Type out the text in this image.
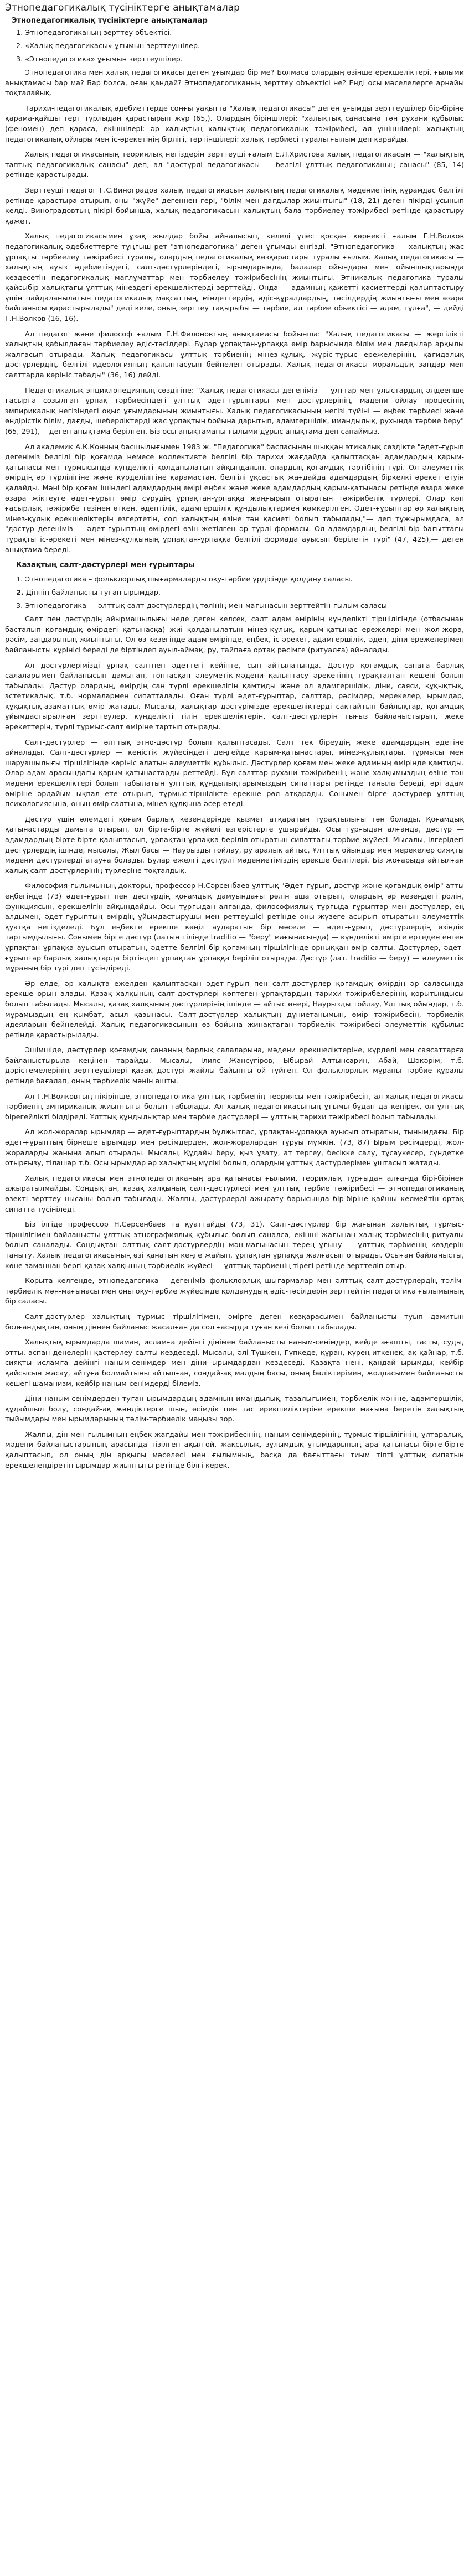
Этнопедагогикалық түсініктерге анықтамалар
Этнопедагогикалық түсініктерге анықтамалар
1. Этнопедагогиканың зерттеу объектісі.
2. «Халық педагогикасы» ұғымын зерттеушілер.
3. «Этнопедагогика» ұғымын зерттеушілер.

Этнопедагогика мен халық педагогикасы деген ұғымдар бір ме? Болмаса олардың өзінше ерекшеліктері, ғылыми анықтамасы бар ма? Бар болса, оған қандай? Этнопедагогиканың зерттеу объектісі не? Енді осы мәселелерге арнайы тоқталайық.

Тарихи-педагогикалық әдебиеттерде соңғы уақытта "Халық педагогикасы" деген ұғымды зерттеушілер бір-біріне қарама-қайшы терт түрлыдан қарастырып жүр (65,). Олардың біріншілері: "халықтық санасына тән рухани құбылыс (феномен) деп қараса, екіншілері: әр халықтың халықтық педагогикалық тәжірибесі, ал үшіншілері: халықтың педагогикалық ойлары мен іс-әрекетінің бірлігі, төртіншілері: халық тәрбиесі туралы ғылым деп қарайды.

Халық педагогикасының теориялық негіздерін зерттеуші ғалым Е.Л.Христова халық педагогикасын — "халықтың таптық педагогикалық санасы" деп, ал "дәстүрлі педагогикасы — белгілі ұлттық педагогиканың санасы" (85, 14) ретінде қарастырады.

Зерттеуші педагог Г.С.Виноградов халық педагогикасын халықтың педагогикалық мәдениетінің құрамдас белгілі ретінде қарастыра отырып, оны "жүйе" дегеннен гері, "білім мен дағдылар жиынтығы" (18, 21) деген пікірді ұсынып келді. Виноградовтың пікірі бойынша, халық педагогикасын халықтың бала тәрбиелеу тәжірибесі ретінде қарастыру қажет.

Халық педагогикасымен ұзақ жылдар бойы айналысып, келелі үлес қосқан көрнекті ғалым Г.Н.Волков педагогикалық әдебиеттерге тұңғыш рет "этнопедагогика" деген ұғымды енгізді. "Этнопедагогика — халықтың жас ұрпақты тәрбиелеу тәжірибесі туралы, олардың педагогикалық көзқарастары туралы ғылым. Халық педагогикасы — халықтың ауыз әдебиетіндегі, салт-дәстүрлеріндегі, ырымдарында, балалар ойындары мен ойыншықтарында кездесетін педагогикалық мағлұматтар мен тәрбиелеу тәжірибесінің жиынтығы. Этникалық педагогика туралы қайсыбір халықтағы ұлттық мінездегі ерекшеліктерді зерттейді. Онда — адамның қажетті қасиеттерді қалыптастыру үшін пайдаланылатын педагогикалық мақсаттың, міндеттердің, әдіс-құралдардың, тәсілдердің жиынтығы мен өзара байланысы қарастырылады" деді келе, оның зерттеу тақырыбы — тәрбие, ал тәрбие обьектісі — адам, тұлға", — дейді Г.Н.Волков (16, 16).

Ал педагог және философ ғалым Г.Н.Филоновтың анықтамасы бойынша: "Халық педагогикасы — жергілікті халықтың қабылдаған тәрбиелеу әдіс-тәсілдері. Бұлар ұрпақтан-ұрпаққа өмір барысында білім мен дағдылар арқылы жалғасып отырады. Халық педагогикасы ұлттық тәрбиенің мінез-құлық, жүріс-тұрыс ережелерінің, қағидалық дәстүрлердің, белгілі идеологияның қалыптасуын бейнелеп отырады. Халық педагогикасы моральдық заңдар мен салттарда көрініс табады" (36, 16) дейді.

Педагогикалық энциклопедияның сөздігіне: "Халық педагогикасы дегеніміз — ұлттар мен ұлыстардың әлдеенше ғасырға созылған ұрпақ тәрбиесіндегі ұлттық әдет-ғұрыптары мен дәстүрлерінің, мадени ойлау процесінің эмпирикалық негізіндегі оқыс ұғымдарының жиынтығы. Халық педагогикасының негізі түйіні — еңбек тәрбиесі және өндірістік білім, дағды, шеберліктерді жас ұрпақтың бойына дарытып, адамгершілік, имандылық, рухында тәрбие беру" (65, 291),— деген анықтама берілген. Біз осы анықтаманы ғылыми дұрыс анықтама деп санаймыз.

Ал академик А.К.Конның басшылығымен 1983 ж. "Педагогика" баспасынан шыққан этикалық сөздікте "әдет-ғұрып дегеніміз белгілі бір қоғамда немесе коллективте белгілі бір тарихи жағдайда қалыптасқан адамдардың қарым-қатынасы мен тұрмысында күнделікті қолданылатын айқындалып, олардың қоғамдық тәртібінің түрі. Ол әлеуметтік өмірдің әр түрлілігіне және күрделілігіне қарамастан, белгілі ұқсастық жағдайда адамдардың біркелкі әрекет етуін қалайды. Мәні бір қоғам ішіндегі адамдардың өмірі еңбек және жеке адамдардың қарым-қатынасы ретінде өзара жеке өзара жіктеуге әдет-ғұрып өмір сүрудің ұрпақтан-ұрпаққа жаңғырып отыратын тәжірибелік түрлері. Олар көп ғасырлық тәжірибе тезінен өткен, әдептілік, адамгершілік құндылықтармен көмкерілген. Әдет-ғұрыптар әр халықтың мінез-құлық ерекшеліктерін өзгертетін, сол халықтың өзіне тән қасиеті болып табылады,"— деп тұжырымдаса, ал "дәстүр дегеніміз — әдет-ғұрыптың өмірдегі өзін жетілген әр түрлі формасы. Ол адамдардың белгілі бір бағыттағы тұрақты іс-әрекеті мен мінез-құлқының ұрпақтан-ұрпаққа белгілі формада ауысып берілетін түрі" (47, 425),— деген анықтама береді.

Казақтың салт-дәстүрлері мен ғұрыптары
1. Этнопедагогика – фольклорлық шығармаларды оқу-тәрбие үрдісінде қолдану саласы.
2. Діннің байланысты туған ырымдар.
3. Этнопедагогика — әлттық салт-дәстүрлердің төлінің мен-мағынасын зерттейтін ғылым саласы

Салт пен дәстүрдің айырмашылығы неде деген келсек, салт адам өмірінің күнделікті тіршілігінде (отбасынан басталып қоғамдық өмірдегі қатынасқа) жиі қолданылатын мінез-құлық, қарым-қатынас ережелері мен жол-жора, рәсім, заңдарының жиынтығы. Ол өз кезегінде адам өмірінде, еңбек, іс-әрекет, адамгершілік, әдеп, діни ережелерімен байланысты кұрінісі береді де біртіндеп ауыл-аймақ, ру, тайпаға ортақ рәсімге (ритуалға) айналады.

Ал дәстүрлерімізді ұрпақ салтпен әдеттегі кейіпте, сын айтылатында. Дәстүр қоғамдық санаға барлық салаларымен байланысып дамыған, топтасқан әлеуметік-мәдени қалыптасу әрекетінің тұрақталған кешені болып табылады. Дәстүр олардың, өмірдің сан түрлі ерекшелігін қамтиды және ол адамгершілік, діни, саяси, құқықтық, эстетикалық, т.б. нормалармен сипатталады. Оған түрлі әдет-ғұрыптар, салттар, рәсімдер, мерекелер, ырымдар, құқықтық-азаматтық өмір жатады. Мысалы, халықтар дәстүрімізде ерекшеліктерді сақтайтын байлықтар, қоғамдық ұйымдастырылған зерттеулер, күнделікті тілін ерекшеліктерін, салт-дәстүрлерін тығыз байланыстырып, жеке әрекеттерін, түрлі тұрмыс-салт өміріне тартып отырады.

Салт-дәстүрлер — әлттық этно-дәстүр болып қалыптасады. Салт тек біреудің жеке адамдардың әдетіне айналады. Салт-дәстүрлер — кеңістік жүйесіндегі деңгейде қарым-қатынастары, мінез-құлықтары, тұрмысы мен шаруашылығы тіршілігінде көрініс алатын әлеуметтік құбылыс. Дәстүрлер қоғам мен жеке адамның өмірінде қамтиды. Олар адам арасындағы қарым-қатынастарды реттейді. Бұл салттар рухани тәжірибенің және халқымыздың өзіне тән мәдени ерекшеліктері болып табылатын ұлттық құндылықтарымыздың сипаттары ретінде таныла береді, әрі адам өміріне әрдайым ықпал ете отырып, тұрмыс-тіршілікте ерекше рөл атқарады. Сонымен бірге дәстүрлер ұлттың психологиясына, оның өмір салтына, мінез-құлқына әсер етеді.

Дәстүр үшін әлемдегі қоғам барлық кезендерінде қызмет атқаратын тұрақтылығы тән болады. Қоғамдық қатынастарды дамыта отырып, ол бірте-бірте жүйелі өзгерістерге ұшырайды. Осы тұрғыдан алғанда, дәстүр — адамдардың бірте-бірте қалыптасып, ұрпақтан-ұрпаққа беріліп отыратын сипаттағы тәрбие жүйесі. Мысалы, ілгерідегі дәстүрлердің ішінде, мысалы, Жыл басы — Наурызды тойлау, ру аралық айтыс, Ұлттық ойындар мен мерекелер сияқты мәдени дәстүрлерді атауға болады. Бұлар ежелгі дәстүрлі мәдениетіміздің ерекше белгілері. Біз жоғарыда айтылған халық салт-дәстүрлерінің түрлеріне тоқталдық.

Философия ғылымының докторы, профессор Н.Сәрсенбаев ұлттық "Әдет-ғұрып, дәстүр және қоғамдық өмір" атты еңбегінде (73) әдет-ғұрып пен дәстүрдің қоғамдық дамуындағы рөлін аша отырып, олардың әр кезеңдегі ролін, функциясын, ерекшелігін айқындайды. Осы тұрғыдан алғанда, философиялық тұрғыда ғұрыптар мен дәстүрлер, ең алдымен, әдет-ғұрыптың өмірдің ұйымдастырушы мен реттеушісі ретінде оны жүзеге асырып отыратын әлеуметтік қуатқа негізделеді. Бұл еңбекте ерекше көңіл аударатын бір мәселе — әдет-ғұрып, дәстүрлердің өзіндік тартымдылығы. Сонымен бірге дәстүр (латын тілінде traditio — "беру" мағынасында) — күнделікті өмірге ертеден енген ұрпақтан ұрпаққа ауысып отыратын, әдетте белгілі бір қоғамның тіршілігінде орныққан өмір салты. Дәстүрлер, әдет-ғұрыптар барлық халықтарда біртіндеп ұрпақтан ұрпаққа беріліп отырады. Дәстүр (лат. traditio — беру) — әлеуметтік мұраның бір түрі деп түсіндіреді.

Әр елде, әр халықта ежелден қалыптасқан әдет-ғұрып пен салт-дәстүрлер қоғамдық өмірдің әр саласында ерекше орын алады. Қазақ халқының салт-дәстүрлері көптеген ұрпақтардың тарихи тәжірибелерінің қорытындысы болып табылады. Мысалы, қазақ халқының дәстүрлерінің ішінде — айтыс өнері, Наурызды тойлау, Ұлттық ойындар, т.б. мұрамыздың ең қымбат, асыл қазынасы. Салт-дәстүрлер халықтың дүниетанымын, өмір тәжірибесін, тәрбиелік идеяларын бейнелейді. Халық педагогикасының өз бойына жинақтаған тәрбиелік тәжірибесі әлеуметтік құбылыс ретінде қарастырылады.

Эшімшіде, дәстүрлер қоғамдық сананың барлық салаларына, мәдени ерекшеліктеріне, күрделі мен саясаттарға байланыстырыла кеңінен тарайды. Мысалы, Ілияс Жансүгіров, Ыбырай Алтынсарин, Абай, Шәкәрім, т.б. дәрістемелерінің зерттеушілері қазақ дәстүрі жайлы байыпты ой түйген. Ол фольклорлық мұраны тәрбие құралы ретінде бағалап, оның тәрбиелік мәнін ашты.

Ал Г.Н.Волковтың пікірінше, этнопедагогика ұлттық тәрбиенің теориясы мен тәжірибесін, ал халық педагогикасы тәрбиенің эмпирикалық жиынтығы болып табылады. Ал халық педагогикасының ұғымы бұдан да кеңірек, ол ұлттық бірегейлікті білдіреді. Ұлттық құндылықтар мен тәрбие дәстүрлері — ұлттың тарихи тәжірибесі болып табылады.

Ал жол-жоралар ырымдар — әдет-ғұрыптардың бұлжытпас, ұрпақтан-ұрпаққа ауысып отыратын, тынымдағы. Бір әдет-ғұрыптың бірнеше ырымдар мен рәсімдерден, жол-жоралардан тұруы мүмкін. (73, 87) Ырым рәсімдерді, жол-жораларды жанына алып отырады. Мысалы, Құдайы беру, қыз ұзату, ат тергеу, бесікке салу, тұсаукесер, сүндетке отырғызу, тілашар т.б. Осы ырымдар әр халықтың мүлікі болып, олардың ұлттық дәстүрлерімен ұштасып жатады.

Халық педагогикасы мен этнопедагогиканың ара қатынасы ғылыми, теориялық тұрғыдан алғанда бірі-бірінен ажыратылмайды. Сондықтан, қазақ халқының салт-дәстүрлері мен ұлттық тәрбие тәжірибесі — этнопедагогиканың өзекті зерттеу нысаны болып табылады. Жалпы, дәстүрлерді ажырату барысында бір-біріне қайшы келмейтін ортақ сипатта түсініледі.

Біз ілгіде профессор Н.Сәрсенбаев та қуаттайды (73, 31). Салт-дәстүрлер бір жағынан халықтық тұрмыс-тіршілігімен байланысты ұлттық этнографиялық құбылыс болып саналса, екінші жағынан халық тәрбиесінің ритуалы болып саналады. Сондықтан әлттық салт-дәстүрлердің мән-мағынасын терең ұғыну — ұлттық тәрбиенің көздерін таныту. Халық педагогикасының өзі қанатын кеңге жайып, ұрпақтан ұрпаққа жалғасып отырады. Осыған байланысты, көне заманнан бергі қазақ халқының тәрбиелік жүйесі — ұлттық тәрбиенің тірегі ретінде зерттеліп отыр.

Корыта келгенде, этнопедагогика – дегеніміз фольклорлық шығармалар мен әлттық салт-дәстүрлердің тәлім-тәрбиелік мән-мағынасы мен оны оқу-тәрбие жүйесінде қолданудың әдіс-тәсілдерін зерттейтін педагогика ғылымының бір саласы.

Салт-дәстүрлер халықтың тұрмыс тіршілігімен, әмірге деген көзқарасымен байланысты туып дамитын болғандықтан, оның діннен байланыс жасалған да сол ғасырда туған кезі болып табылады.

Халықтық ырымдарда шаман, исламға дейінгі дінімен байланысты наным-сенімдер, кейде ағашты, тасты, суды, отты, аспан денелерін қастерлеу салты кездеседі. Мысалы, әлі Түшкен, Гүпкеде, құран, күрең-иткенек, ақ қайнар, т.б. сияқты исламға дейінгі наным-сенімдер мен діни ырымдардан кездеседі. Қазақта нені, қандай ырымды, кейбір қайсысын жасау, айтуға болмайтыны айтылған, сондай-ақ малдың басы, оның бөліктерімен, жолдасымен байланысты кешегі шаманизм, кейбір наным-сенімдерді білеміз.

Діни наным-сенімдерден туған ырымдардың адамның имандылық, тазалығымен, тәрбиелік мәніне, адамгершілік, құдайшыл болу, сондай-ақ жәндіктерге шын, өсімдік пен тас ерекшеліктеріне ерекше мағына беретін халықтың тыйымдары мен ырымдарының тәлім-тәрбиелік маңызы зор.

Жалпы, дін мен ғылымның еңбек жағдайы мен тәжірибесінің, наным-сенімдерінің, тұрмыс-тіршілігінің, ұлтаралық, мәдени байланыстарының арасында тізілген ақыл-ой, жақсылық, зұлымдық ұғымдарының ара қатынасы бірте-бірте қалыптасып, ол оның дін арқылы мәселесі мен ғылымның, басқа да бағыттағы тиым тіпті ұлттық сипатын ерекшелендіретін ырымдар жиынтығы ретінде білгі керек.
